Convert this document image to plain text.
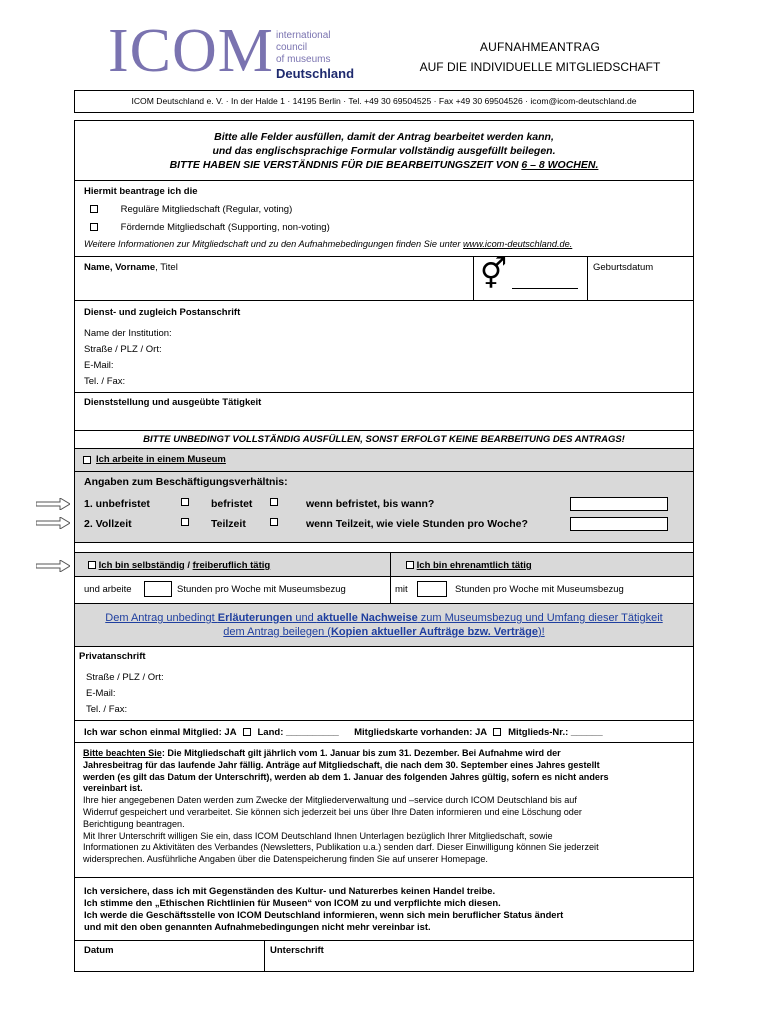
ICOM international
council
of museums
Deutschland
AUFNAHMEANTRAG
AUF DIE INDIVIDUELLE MITGLIEDSCHAFT
ICOM Deutschland e. V. · In der Halde 1 · 14195 Berlin · Tel. +49 30 69504525 · Fax +49 30 69504526 · icom@icom-deutschland.de
Bitte alle Felder ausfüllen, damit der Antrag bearbeitet werden kann,
und das englischsprachige Formular vollständig ausgefüllt beilegen.
BITTE HABEN SIE VERSTÄNDNIS FÜR DIE BEARBEITUNGSZEIT VON 6 – 8 WOCHEN.
Hiermit beantrage ich die
Reguläre Mitgliedschaft (Regular, voting)
Fördernde Mitgliedschaft (Supporting, non-voting)
Weitere Informationen zur Mitgliedschaft und zu den Aufnahmebedingungen finden Sie unter www.icom-deutschland.de.
Name, Vorname, Titel	⚥	Geburtsdatum
Dienst- und zugleich Postanschrift
Name der Institution:
Straße / PLZ / Ort:
E-Mail:
Tel. / Fax:
Dienststellung und ausgeübte Tätigkeit
BITTE UNBEDINGT VOLLSTÄNDIG AUSFÜLLEN, SONST ERFOLGT KEINE BEARBEITUNG DES ANTRAGS!
Ich arbeite in einem Museum
Angaben zum Beschäftigungsverhältnis:
1. unbefristet	befristet	wenn befristet, bis wann?
2. Vollzeit	Teilzeit	wenn Teilzeit, wie viele Stunden pro Woche?
Ich bin selbständig / freiberuflich tätig	Ich bin ehrenamtlich tätig
und arbeite	Stunden pro Woche mit Museumsbezug	mit	Stunden pro Woche mit Museumsbezug
Dem Antrag unbedingt Erläuterungen und aktuelle Nachweise zum Museumsbezug und Umfang dieser Tätigkeit
dem Antrag beilegen (Kopien aktueller Aufträge bzw. Verträge)!
Privatanschrift
Straße / PLZ / Ort:
E-Mail:
Tel. / Fax:
Ich war schon einmal Mitglied: JA Land: __________ Mitgliedskarte vorhanden: JA Mitglieds-Nr.: ______
Bitte beachten Sie: Die Mitgliedschaft gilt jährlich vom 1. Januar bis zum 31. Dezember. Bei Aufnahme wird der
Jahresbeitrag für das laufende Jahr fällig. Anträge auf Mitgliedschaft, die nach dem 30. September eines Jahres gestellt
werden (es gilt das Datum der Unterschrift), werden ab dem 1. Januar des folgenden Jahres gültig, sofern es nicht anders
vereinbart ist.
Ihre hier angegebenen Daten werden zum Zwecke der Mitgliederverwaltung und –service durch ICOM Deutschland bis auf
Widerruf gespeichert und verarbeitet. Sie können sich jederzeit bei uns über Ihre Daten informieren und eine Löschung oder
Berichtigung beantragen.
Mit Ihrer Unterschrift willigen Sie ein, dass ICOM Deutschland Ihnen Unterlagen bezüglich Ihrer Mitgliedschaft, sowie
Informationen zu Aktivitäten des Verbandes (Newsletters, Publikation u.a.) senden darf. Dieser Einwilligung können Sie jederzeit
widersprechen. Ausführliche Angaben über die Datenspeicherung finden Sie auf unserer Homepage.
Ich versichere, dass ich mit Gegenständen des Kultur- und Naturerbes keinen Handel treibe.
Ich stimme den „Ethischen Richtlinien für Museen“ von ICOM zu und verpflichte mich diesen.
Ich werde die Geschäftsstelle von ICOM Deutschland informieren, wenn sich mein beruflicher Status ändert
und mit den oben genannten Aufnahmebedingungen nicht mehr vereinbar ist.
Datum	Unterschrift
